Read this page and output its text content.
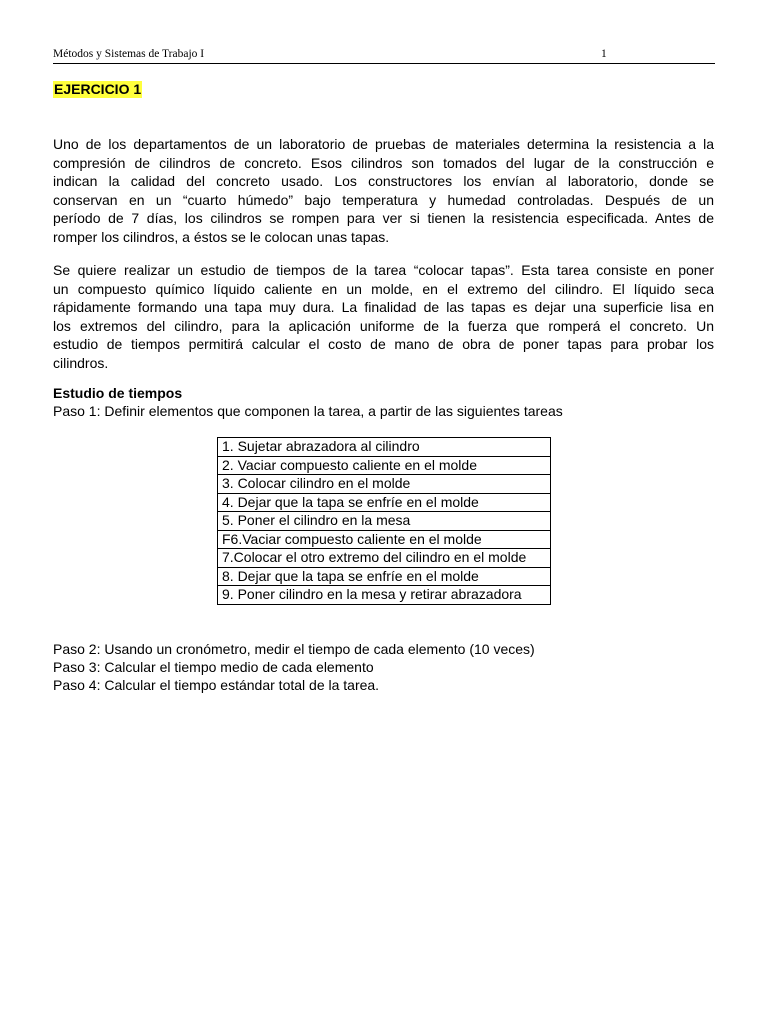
Métodos y Sistemas de Trabajo I	1
EJERCICIO 1
Uno de los departamentos de un laboratorio de pruebas de materiales determina la resistencia a la
compresión de cilindros de concreto. Esos cilindros son tomados del lugar de la construcción e
indican la calidad del concreto usado. Los constructores los envían al laboratorio, donde se
conservan en un “cuarto húmedo” bajo temperatura y humedad controladas. Después de un
período de 7 días, los cilindros se rompen para ver si tienen la resistencia especificada. Antes de
romper los cilindros, a éstos se le colocan unas tapas.
Se quiere realizar un estudio de tiempos de la tarea “colocar tapas”. Esta tarea consiste en poner
un compuesto químico líquido caliente en un molde, en el extremo del cilindro. El líquido seca
rápidamente formando una tapa muy dura. La finalidad de las tapas es dejar una superficie lisa en
los extremos del cilindro, para la aplicación uniforme de la fuerza que romperá el concreto. Un
estudio de tiempos permitirá calcular el costo de mano de obra de poner tapas para probar los
cilindros.
Estudio de tiempos
Paso 1: Definir elementos que componen la tarea, a partir de las siguientes tareas
1. Sujetar abrazadora al cilindro
2. Vaciar compuesto caliente en el molde
3. Colocar cilindro en el molde
4. Dejar que la tapa se enfríe en el molde
5. Poner el cilindro en la mesa
F6.Vaciar compuesto caliente en el molde
7.Colocar el otro extremo del cilindro en el molde
8. Dejar que la tapa se enfríe en el molde
9. Poner cilindro en la mesa y retirar abrazadora
Paso 2: Usando un cronómetro, medir el tiempo de cada elemento (10 veces)
Paso 3: Calcular el tiempo medio de cada elemento
Paso 4: Calcular el tiempo estándar total de la tarea.
